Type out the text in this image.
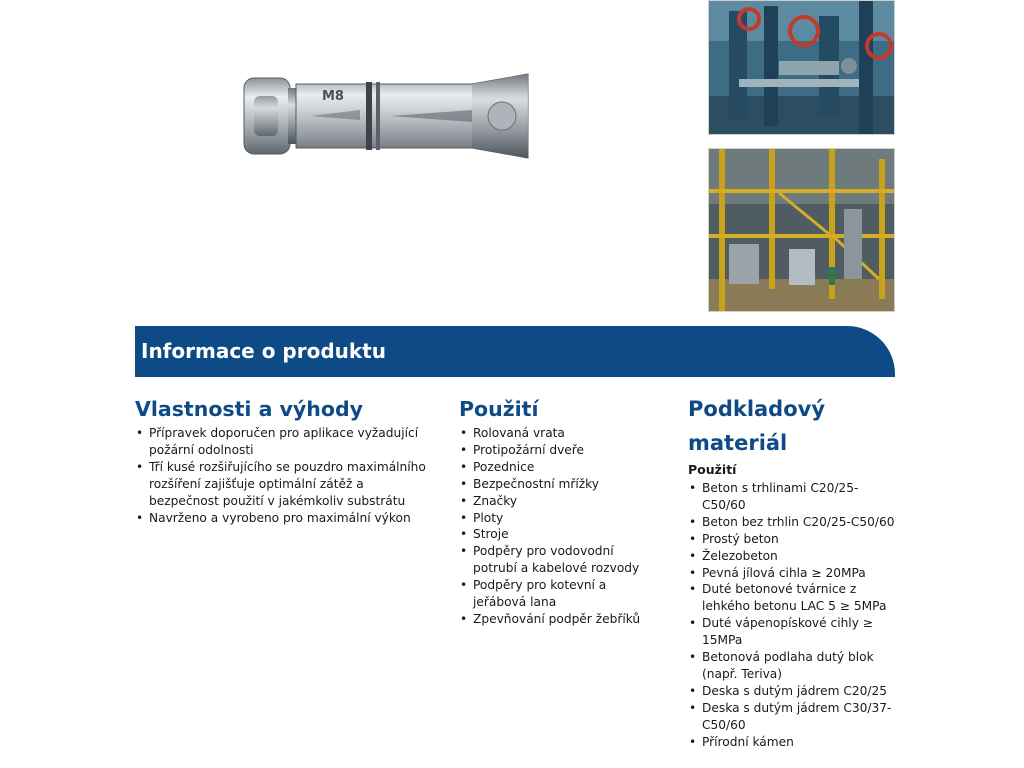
M8
Informace o produktu
Vlastnosti a výhody
• Přípravek doporučen pro aplikace vyžadující požární odolnosti
• Tří kusé rozšiřujícího se pouzdro maximálního rozšíření zajišťuje optimální zátěž a bezpečnost použití v jakémkoliv substrátu
• Navrženo a vyrobeno pro maximální výkon
Použití
• Rolovaná vrata
• Protipožární dveře
• Pozednice
• Bezpečnostní mřížky
• Značky
• Ploty
• Stroje
• Podpěry pro vodovodní potrubí a kabelové rozvody
• Podpěry pro kotevní a jeřábová lana
• Zpevňování podpěr žebříků
Podkladový materiál
Použití
• Beton s trhlinami C20/25-C50/60
• Beton bez trhlin C20/25-C50/60
• Prostý beton
• Železobeton
• Pevná jílová cihla ≥ 20MPa
• Duté betonové tvárnice z lehkého betonu LAC 5 ≥ 5MPa
• Duté vápenopískové cihly ≥ 15MPa
• Betonová podlaha dutý blok (např. Teriva)
• Deska s dutým jádrem C20/25
• Deska s dutým jádrem C30/37-C50/60
• Přírodní kámen
